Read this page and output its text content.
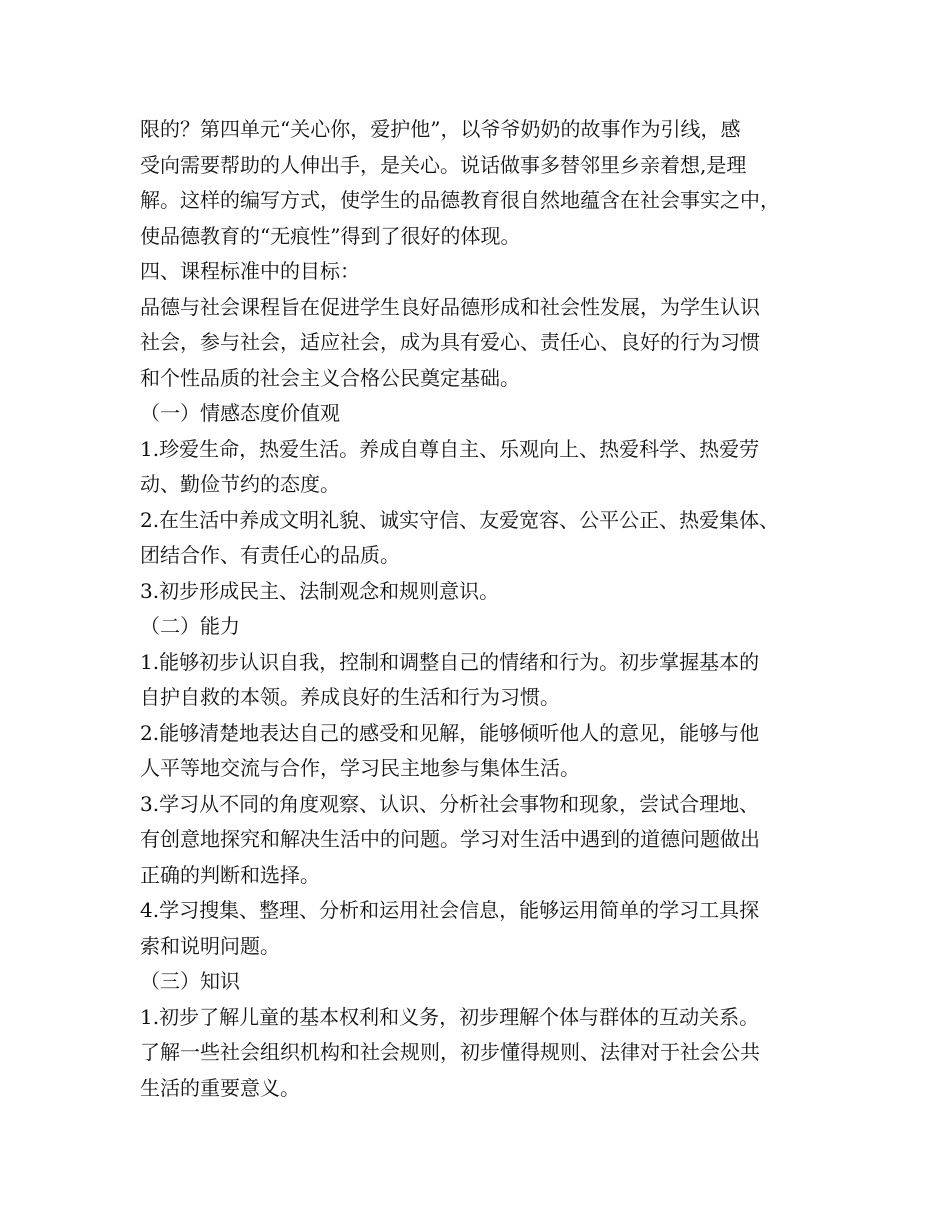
限的？第四单元“关心你，爱护他”，以爷爷奶奶的故事作为引线，感
受向需要帮助的人伸出手，是关心。说话做事多替邻里乡亲着想,是理
解。这样的编写方式，使学生的品德教育很自然地蕴含在社会事实之中，
使品德教育的“无痕性”得到了很好的体现。
四、课程标准中的目标：
品德与社会课程旨在促进学生良好品德形成和社会性发展，为学生认识
社会，参与社会，适应社会，成为具有爱心、责任心、良好的行为习惯
和个性品质的社会主义合格公民奠定基础。
（一）情感态度价值观
1.珍爱生命，热爱生活。养成自尊自主、乐观向上、热爱科学、热爱劳
动、勤俭节约的态度。
2.在生活中养成文明礼貌、诚实守信、友爱宽容、公平公正、热爱集体、
团结合作、有责任心的品质。
3.初步形成民主、法制观念和规则意识。
（二）能力
1.能够初步认识自我，控制和调整自己的情绪和行为。初步掌握基本的
自护自救的本领。养成良好的生活和行为习惯。
2.能够清楚地表达自己的感受和见解，能够倾听他人的意见，能够与他
人平等地交流与合作，学习民主地参与集体生活。
3.学习从不同的角度观察、认识、分析社会事物和现象，尝试合理地、
有创意地探究和解决生活中的问题。学习对生活中遇到的道德问题做出
正确的判断和选择。
4.学习搜集、整理、分析和运用社会信息，能够运用简单的学习工具探
索和说明问题。
（三）知识
1.初步了解儿童的基本权利和义务，初步理解个体与群体的互动关系。
了解一些社会组织机构和社会规则，初步懂得规则、法律对于社会公共
生活的重要意义。
